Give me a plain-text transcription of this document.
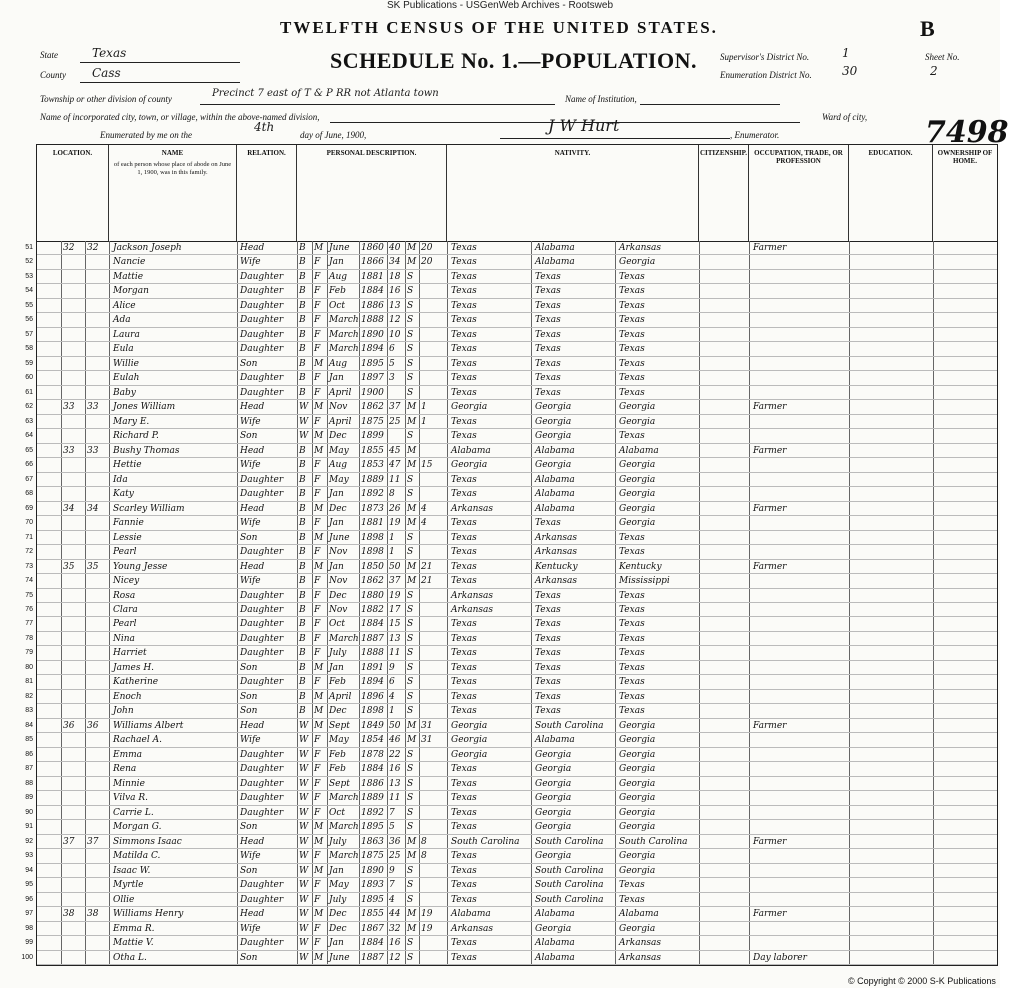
SK Publications - USGenWeb Archives - Rootsweb
TWELFTH CENSUS OF THE UNITED STATES.	B
SCHEDULE No. 1.—POPULATION.
State	Texas
County Cass
Township or other division of county	Precinct 7 east of T & P RR not Atlanta town	Name of Institution,
Name of incorporated city, town, or village, within the above-named division,	Ward of city,
Enumerated by me on the
4th
day of June, 1900,	J W Hurt	, Enumerator.
Supervisor's District No.	1
Enumeration District No.	30
Sheet No.
2
7498
LOCATION.	NAME
of each person whose place of abode on June 1, 1900, was in this family.
RELATION.	PERSONAL DESCRIPTION.	NATIVITY.	CITIZENSHIP.	OCCUPATION, TRADE, OR PROFESSION
EDUCATION.	OWNERSHIP OF HOME.
51	32	32	Jackson Joseph	Head	B M June	1860 40 M 20	Texas	Alabama	Arkansas	Farmer
52	Nancie	Wife	B F Jan	1866 34 M 20	Texas	Alabama	Georgia
53	Mattie	Daughter	B F Aug	1881 18 S	Texas	Texas	Texas
54	Morgan	Daughter	B F Feb	1884 16 S	Texas	Texas	Texas
55	Alice	Daughter	B F Oct	1886 13 S	Texas	Texas	Texas
56	Ada	Daughter	B F March 1888 12 S	Texas	Texas	Texas
57	Laura	Daughter	B F March 1890 10 S	Texas	Texas	Texas
58	Eula	Daughter	B F March 1894 6	S	Texas	Texas	Texas
59	Willie	Son	B M Aug	1895 5	S	Texas	Texas	Texas
60	Eulah	Daughter	B F Jan	1897 3	S	Texas	Texas	Texas
61	Baby	Daughter	B F April	1900	S	Texas	Texas	Texas
62	33	33	Jones William	Head	W M Nov	1862 37 M 1	Georgia	Georgia	Georgia	Farmer
63	Mary E.	Wife	W F April	1875 25 M 1	Texas	Georgia	Georgia
64	Richard P.	Son	W M Dec	1899	S	Texas	Georgia	Texas
65	33	33	Bushy Thomas	Head	B M May	1855 45 M	Alabama	Alabama	Alabama	Farmer
66	Hettie	Wife	B F Aug	1853 47 M 15	Georgia	Georgia	Georgia
67	Ida	Daughter	B F May	1889 11 S	Texas	Alabama	Georgia
68	Katy	Daughter	B F Jan	1892 8	S	Texas	Alabama	Georgia
69	34	34	Scarley William	Head	B M Dec	1873 26 M 4	Arkansas	Alabama	Georgia	Farmer
70	Fannie	Wife	B F Jan	1881 19 M 4	Texas	Texas	Georgia
71	Lessie	Son	B M June	1898 1	S	Texas	Arkansas	Texas
72	Pearl	Daughter	B F Nov	1898 1	S	Texas	Arkansas	Texas
73	35	35	Young Jesse	Head	B M Jan	1850 50 M 21	Texas	Kentucky	Kentucky	Farmer
74	Nicey	Wife	B F Nov	1862 37 M 21	Texas	Arkansas	Mississippi
75	Rosa	Daughter	B F Dec	1880 19 S	Arkansas	Texas	Texas
76	Clara	Daughter	B F Nov	1882 17 S	Arkansas	Texas	Texas
77	Pearl	Daughter	B F Oct	1884 15 S	Texas	Texas	Texas
78	Nina	Daughter	B F March 1887 13 S	Texas	Texas	Texas
79	Harriet	Daughter	B F July	1888 11 S	Texas	Texas	Texas
80	James H.	Son	B M Jan	1891 9	S	Texas	Texas	Texas
81	Katherine	Daughter	B F Feb	1894 6	S	Texas	Texas	Texas
82	Enoch	Son	B M April	1896 4	S	Texas	Texas	Texas
83	John	Son	B M Dec	1898 1	S	Texas	Texas	Texas
84	36	36	Williams Albert	Head	W M Sept	1849 50 M 31	Georgia	South Carolina	Georgia	Farmer
85	Rachael A.	Wife	W F May	1854 46 M 31	Georgia	Alabama	Georgia
86	Emma	Daughter	W F Feb	1878 22 S	Georgia	Georgia	Georgia
87	Rena	Daughter	W F Feb	1884 16 S	Texas	Georgia	Georgia
88	Minnie	Daughter	W F Sept	1886 13 S	Texas	Georgia	Georgia
89	Vilva R.	Daughter	W F March 1889 11 S	Texas	Georgia	Georgia
90	Carrie L.	Daughter	W F Oct	1892 7	S	Texas	Georgia	Georgia
91	Morgan G.	Son	W M March 1895 5	S	Texas	Georgia	Georgia
92	37	37	Simmons Isaac	Head	W M July	1863 36 M 8	South Carolina	South Carolina	South Carolina	Farmer
93	Matilda C.	Wife	W F March 1875 25 M 8	Texas	Georgia	Georgia
94	Isaac W.	Son	W M Jan	1890 9	S	Texas	South Carolina	Georgia
95	Myrtle	Daughter	W F May	1893 7	S	Texas	South Carolina	Texas
96	Ollie	Daughter	W F July	1895 4	S	Texas	South Carolina	Texas
97	38	38	Williams Henry	Head	W M Dec	1855 44 M 19	Alabama	Alabama	Alabama	Farmer
98	Emma R.	Wife	W F Dec	1867 32 M 19	Arkansas	Georgia	Georgia
99	Mattie V.	Daughter	W F Jan	1884 16 S	Texas	Alabama	Arkansas
100	Otha L.	Son	W M June	1887 12 S	Texas	Alabama	Arkansas	Day laborer
© Copyright © 2000 S-K Publications
